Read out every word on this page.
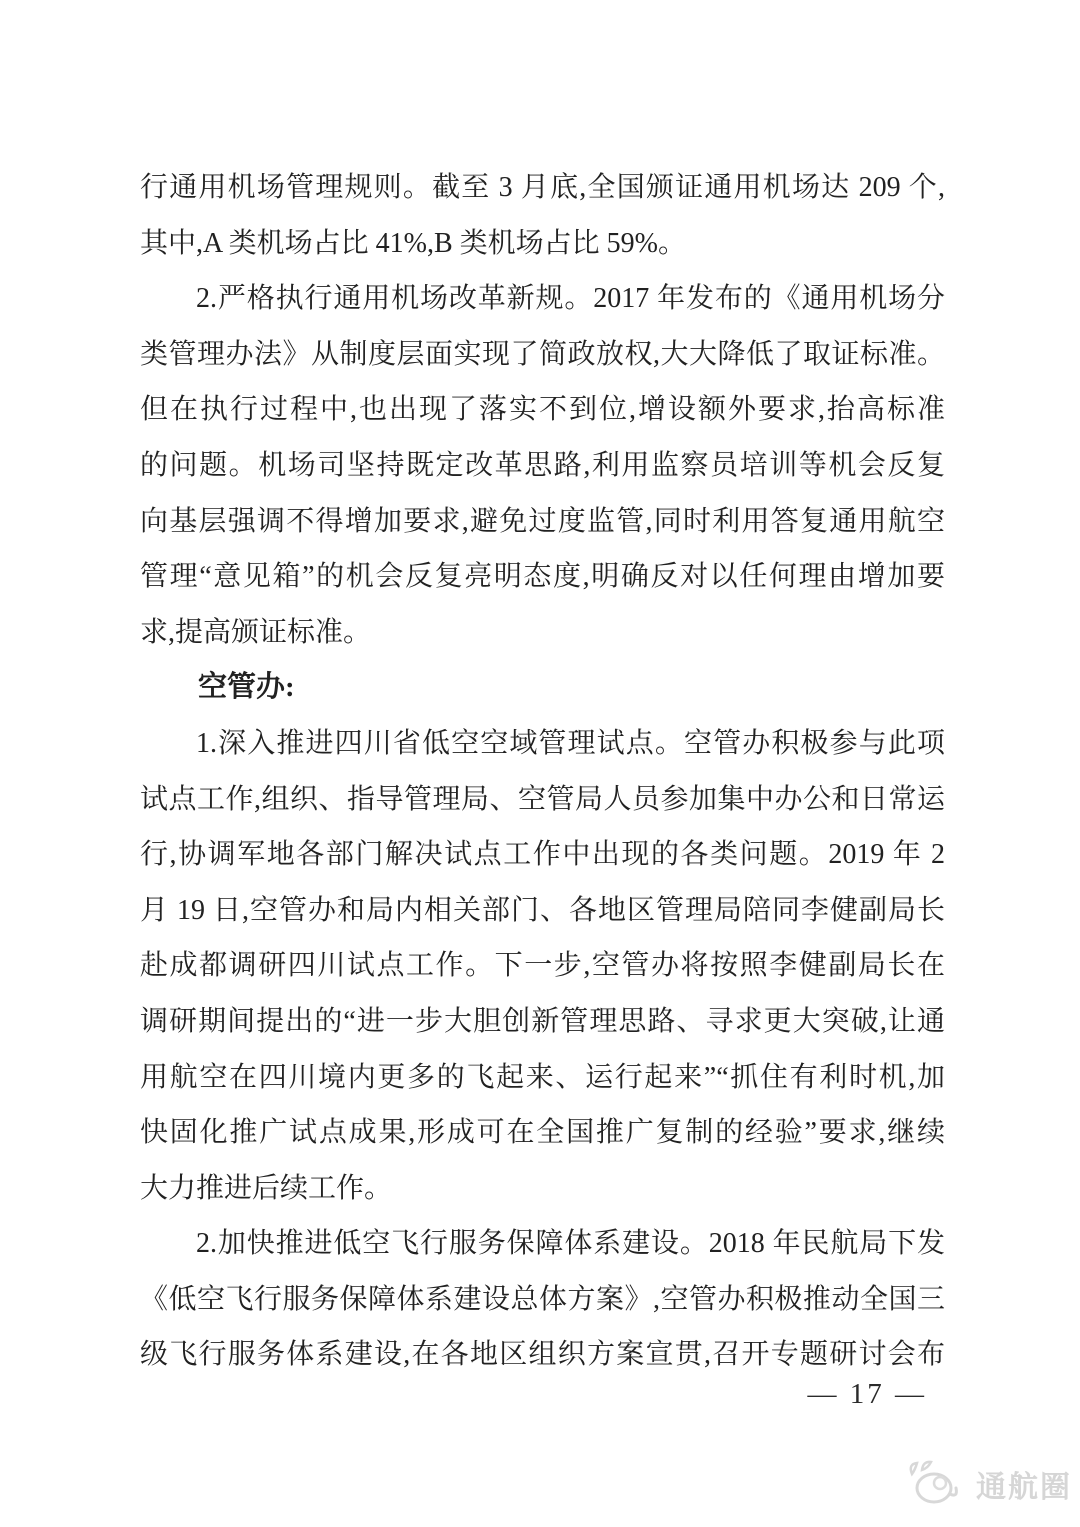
行通用机场管理规则。截至 3 月底,全国颁证通用机场达 209 个,
其中,A 类机场占比 41%,B 类机场占比 59%。
2.严格执行通用机场改革新规。2017 年发布的《通用机场分
类管理办法》从制度层面实现了简政放权,大大降低了取证标准。
但在执行过程中,也出现了落实不到位,增设额外要求,抬高标准
的问题。机场司坚持既定改革思路,利用监察员培训等机会反复
向基层强调不得增加要求,避免过度监管,同时利用答复通用航空
管理“意见箱”的机会反复亮明态度,明确反对以任何理由增加要
求,提高颁证标准。
空管办:
1.深入推进四川省低空空域管理试点。空管办积极参与此项
试点工作,组织、指导管理局、空管局人员参加集中办公和日常运
行,协调军地各部门解决试点工作中出现的各类问题。2019 年 2
月 19 日,空管办和局内相关部门、各地区管理局陪同李健副局长
赴成都调研四川试点工作。下一步,空管办将按照李健副局长在
调研期间提出的“进一步大胆创新管理思路、寻求更大突破,让通
用航空在四川境内更多的飞起来、运行起来”“抓住有利时机,加
快固化推广试点成果,形成可在全国推广复制的经验”要求,继续
大力推进后续工作。
2.加快推进低空飞行服务保障体系建设。2018 年民航局下发
《低空飞行服务保障体系建设总体方案》,空管办积极推动全国三
级飞行服务体系建设,在各地区组织方案宣贯,召开专题研讨会布
— 17 —
通航圈
